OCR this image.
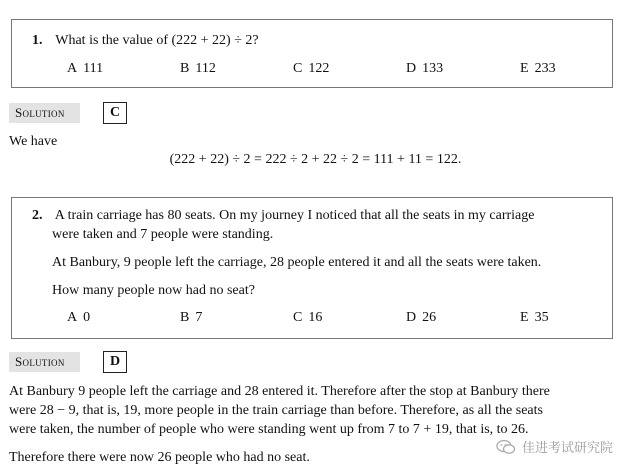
1. What is the value of (222 + 22) ÷ 2?
A 111	B 112	C 122	D 133	E 233
Solution	C
We have
(222 + 22) ÷ 2 = 222 ÷ 2 + 22 ÷ 2 = 111 + 11 = 122.
2. A train carriage has 80 seats. On my journey I noticed that all the seats in my carriage
were taken and 7 people were standing.
At Banbury, 9 people left the carriage, 28 people entered it and all the seats were taken.
How many people now had no seat?
A 0	B 7	C 16	D 26	E 35
Solution	D
At Banbury 9 people left the carriage and 28 entered it. Therefore after the stop at Banbury there
were 28 − 9, that is, 19, more people in the train carriage than before. Therefore, as all the seats
were taken, the number of people who were standing went up from 7 to 7 + 19, that is, to 26.
Therefore there were now 26 people who had no seat.
佳进考试研究院
